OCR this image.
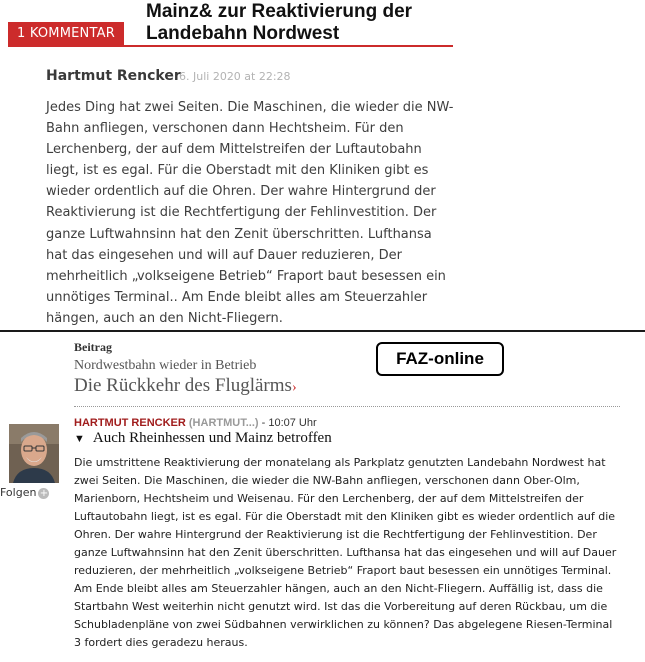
1 KOMMENTAR
Mainz& zur Reaktivierung der Landebahn Nordwest
Hartmut Rencker
6. Juli 2020 at 22:28
Jedes Ding hat zwei Seiten. Die Maschinen, die wieder die NW-Bahn anfliegen, verschonen dann Hechtsheim. Für den Lerchenberg, der auf dem Mittelstreifen der Luftautobahn liegt, ist es egal. Für die Oberstadt mit den Kliniken gibt es wieder ordentlich auf die Ohren. Der wahre Hintergrund der Reaktivierung ist die Rechtfertigung der Fehlinvestition. Der ganze Luftwahnsinn hat den Zenit überschritten. Lufthansa hat das eingesehen und will auf Dauer reduzieren, Der mehrheitlich „volkseigene Betrieb“ Fraport baut besessen ein unnötiges Terminal.. Am Ende bleibt alles am Steuerzahler hängen, auch an den Nicht-Fliegern.
Beitrag
Nordwestbahn wieder in Betrieb
Die Rückkehr des Fluglärms›
FAZ-online
Folgen +
HARTMUT RENCKER (HARTMUT...) - 10:07 Uhr
▼ Auch Rheinhessen und Mainz betroffen
Die umstrittene Reaktivierung der monatelang als Parkplatz genutzten Landebahn Nordwest hat zwei Seiten. Die Maschinen, die wieder die NW-Bahn anfliegen, verschonen dann Ober-Olm, Marienborn, Hechtsheim und Weisenau. Für den Lerchenberg, der auf dem Mittelstreifen der Luftautobahn liegt, ist es egal. Für die Oberstadt mit den Kliniken gibt es wieder ordentlich auf die Ohren. Der wahre Hintergrund der Reaktivierung ist die Rechtfertigung der Fehlinvestition. Der ganze Luftwahnsinn hat den Zenit überschritten. Lufthansa hat das eingesehen und will auf Dauer reduzieren, der mehrheitlich „volkseigene Betrieb“ Fraport baut besessen ein unnötiges Terminal. Am Ende bleibt alles am Steuerzahler hängen, auch an den Nicht-Fliegern. Auffällig ist, dass die Startbahn West weiterhin nicht genutzt wird. Ist das die Vorbereitung auf deren Rückbau, um die Schubladenpläne von zwei Südbahnen verwirklichen zu können? Das abgelegene Riesen-Terminal 3 fordert dies geradezu heraus.
